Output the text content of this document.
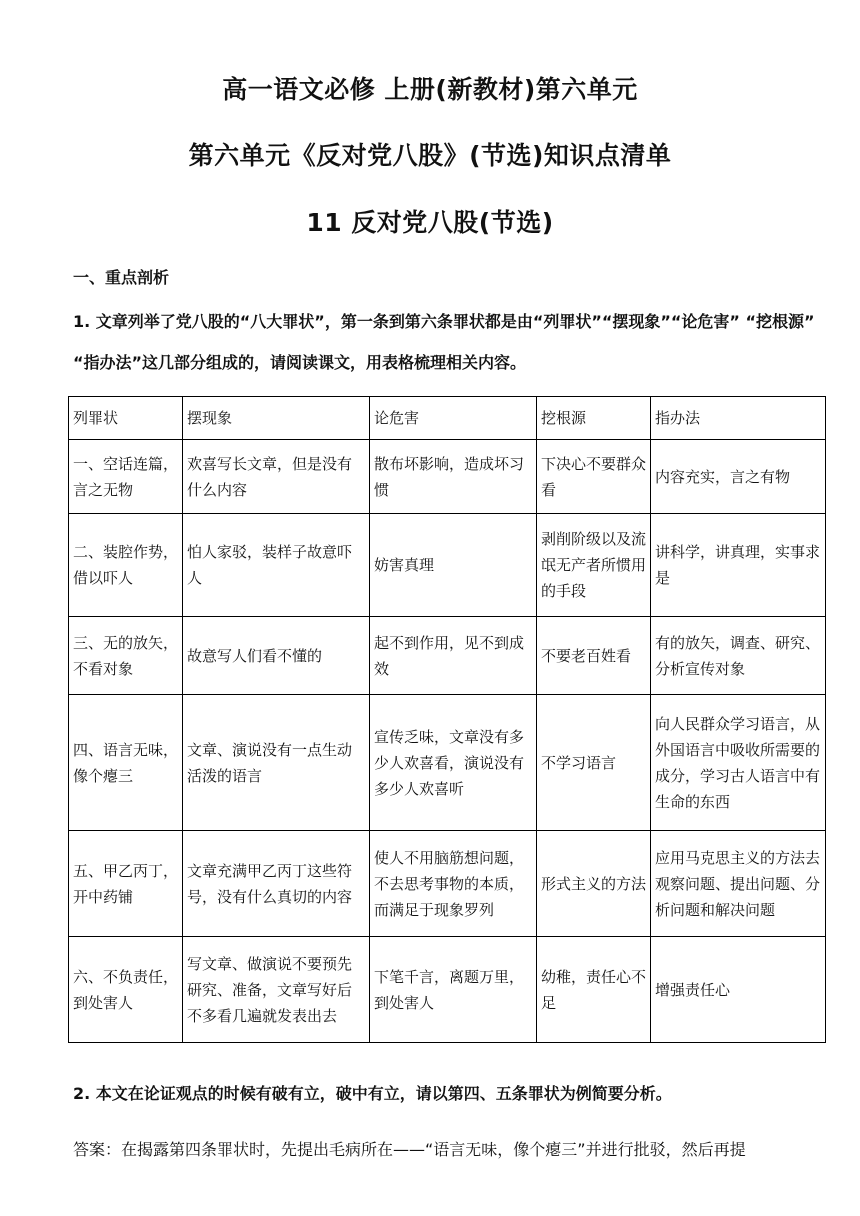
高一语文必修 上册(新教材)第六单元
第六单元《反对党八股》(节选)知识点清单
11 反对党八股(节选)
一、重点剖析
1. 文章列举了党八股的“八大罪状”，第一条到第六条罪状都是由“列罪状”“摆现象”“论危害” “挖根源” “指办法”这几部分组成的，请阅读课文，用表格梳理相关内容。
列罪状	摆现象	论危害	挖根源	指办法
一、空话连篇，言之无物	欢喜写长文章，但是没有什么内容	散布坏影响，造成坏习惯	下决心不要群众看	内容充实，言之有物
二、装腔作势，借以吓人	怕人家驳，装样子故意吓人	妨害真理	剥削阶级以及流氓无产者所惯用的手段	讲科学，讲真理，实事求是
三、无的放矢，不看对象	故意写人们看不懂的	起不到作用，见不到成效	不要老百姓看	有的放矢，调查、研究、分析宣传对象
四、语言无味，像个瘪三	文章、演说没有一点生动活泼的语言	宣传乏味，文章没有多少人欢喜看，演说没有多少人欢喜听	不学习语言	向人民群众学习语言，从外国语言中吸收所需要的成分，学习古人语言中有生命的东西
五、甲乙丙丁，开中药铺	文章充满甲乙丙丁这些符号，没有什么真切的内容	使人不用脑筋想问题，不去思考事物的本质，而满足于现象罗列	形式主义的方法	应用马克思主义的方法去观察问题、提出问题、分析问题和解决问题
六、不负责任，到处害人	写文章、做演说不要预先研究、准备，文章写好后不多看几遍就发表出去	下笔千言，离题万里，到处害人	幼稚，责任心不足	增强责任心
2. 本文在论证观点的时候有破有立，破中有立，请以第四、五条罪状为例简要分析。
答案：在揭露第四条罪状时，先提出毛病所在——“语言无味，像个瘪三”并进行批驳，然后再提
